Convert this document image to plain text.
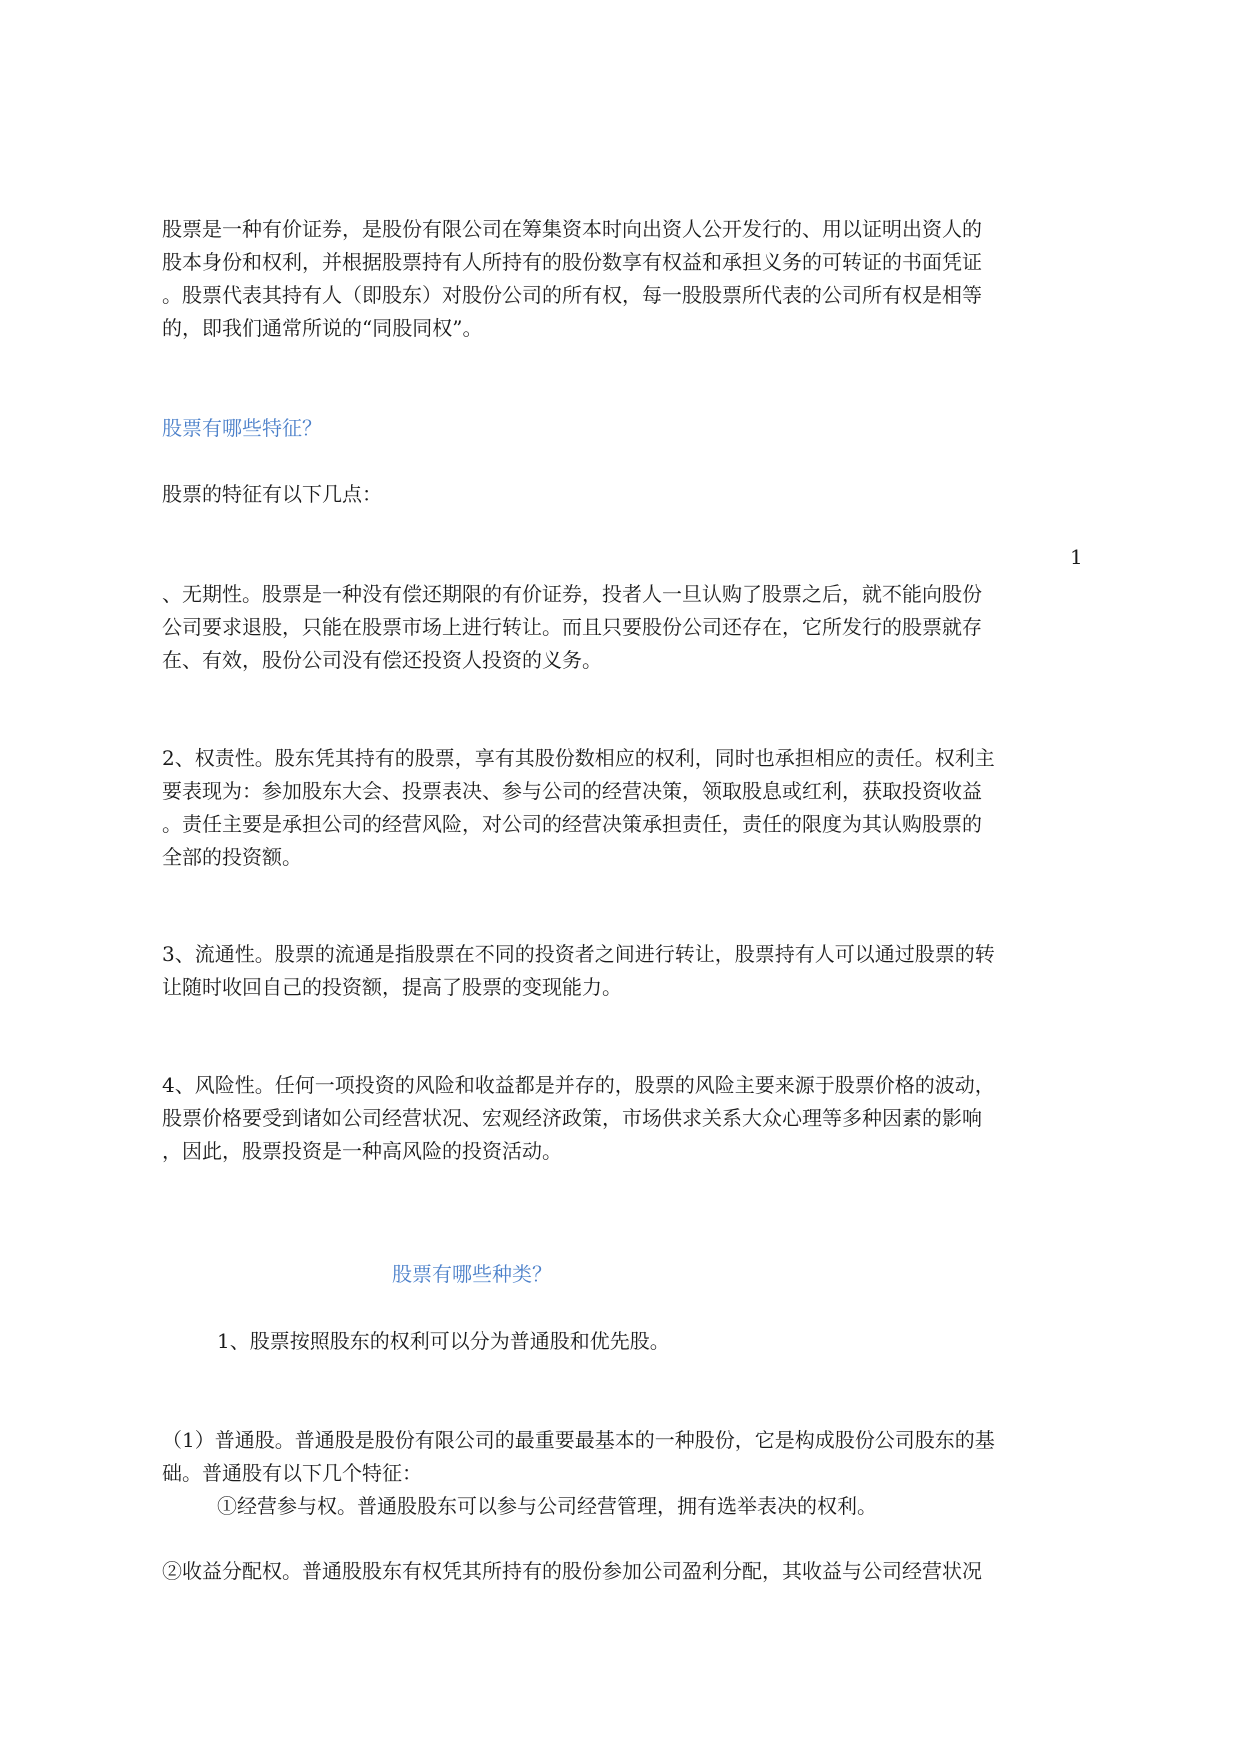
股票是一种有价证券，是股份有限公司在筹集资本时向出资人公开发行的、用以证明出资人的

股本身份和权利，并根据股票持有人所持有的股份数享有权益和承担义务的可转证的书面凭证

。股票代表其持有人（即股东）对股份公司的所有权，每一股股票所代表的公司所有权是相等

的，即我们通常所说的“同股同权”。

股票有哪些特征？

股票的特征有以下几点：

1

、无期性。股票是一种没有偿还期限的有价证券，投者人一旦认购了股票之后，就不能向股份

公司要求退股，只能在股票市场上进行转让。而且只要股份公司还存在，它所发行的股票就存

在、有效，股份公司没有偿还投资人投资的义务。

2、权责性。股东凭其持有的股票，享有其股份数相应的权利，同时也承担相应的责任。权利主

要表现为：参加股东大会、投票表决、参与公司的经营决策，领取股息或红利，获取投资收益

。责任主要是承担公司的经营风险，对公司的经营决策承担责任，责任的限度为其认购股票的

全部的投资额。

3、流通性。股票的流通是指股票在不同的投资者之间进行转让，股票持有人可以通过股票的转

让随时收回自己的投资额，提高了股票的变现能力。

4、风险性。任何一项投资的风险和收益都是并存的，股票的风险主要来源于股票价格的波动，

股票价格要受到诸如公司经营状况、宏观经济政策，市场供求关系大众心理等多种因素的影响

，因此，股票投资是一种高风险的投资活动。

股票有哪些种类？

1、股票按照股东的权利可以分为普通股和优先股。

（1）普通股。普通股是股份有限公司的最重要最基本的一种股份，它是构成股份公司股东的基

础。普通股有以下几个特征：

①经营参与权。普通股股东可以参与公司经营管理，拥有选举表决的权利。

②收益分配权。普通股股东有权凭其所持有的股份参加公司盈利分配，其收益与公司经营状况
